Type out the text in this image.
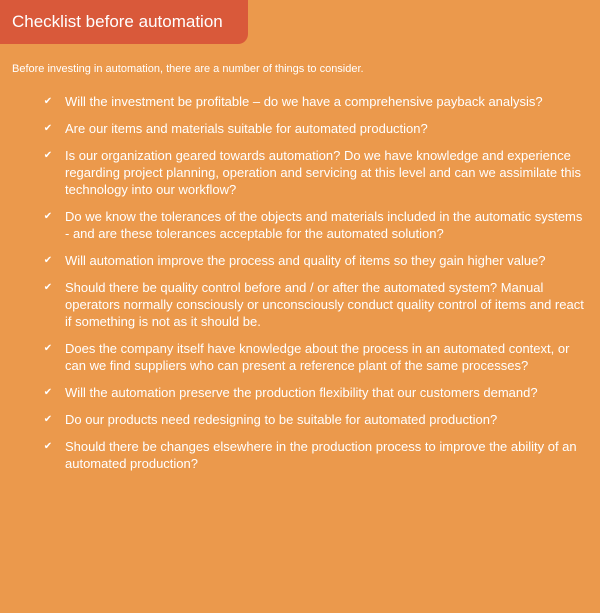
Checklist before automation
Before investing in automation, there are a number of things to consider.
✔ Will the investment be profitable – do we have a comprehensive payback analysis?
✔ Are our items and materials suitable for automated production?
✔ Is our organization geared towards automation? Do we have knowledge and experience regarding project planning, operation and servicing at this level and can we assimilate this technology into our workflow?
✔ Do we know the tolerances of the objects and materials included in the automatic systems - and are these tolerances acceptable for the automated solution?
✔ Will automation improve the process and quality of items so they gain higher value?
✔ Should there be quality control before and / or after the automated system? Manual operators normally consciously or unconsciously conduct quality control of items and react if something is not as it should be.
✔ Does the company itself have knowledge about the process in an automated context, or can we find suppliers who can present a reference plant of the same processes?
✔ Will the automation preserve the production flexibility that our customers demand?
✔ Do our products need redesigning to be suitable for automated production?
✔ Should there be changes elsewhere in the production process to improve the ability of an automated production?
